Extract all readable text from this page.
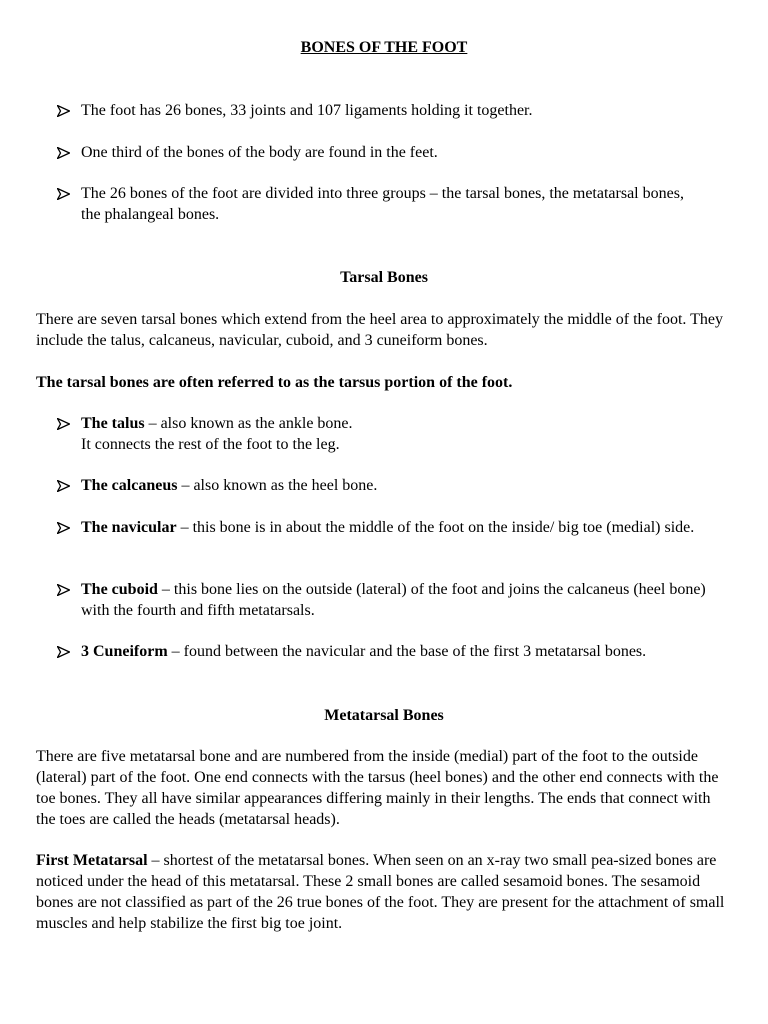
BONES OF THE FOOT
The foot has 26 bones, 33 joints and 107 ligaments holding it together.
One third of the bones of the body are found in the feet.
The 26 bones of the foot are divided into three groups – the tarsal bones, the metatarsal bones, the phalangeal bones.
Tarsal Bones
There are seven tarsal bones which extend from the heel area to approximately the middle of the foot. They include the talus, calcaneus, navicular, cuboid, and 3 cuneiform bones.
The tarsal bones are often referred to as the tarsus portion of the foot.
The talus – also known as the ankle bone.
It connects the rest of the foot to the leg.
The calcaneus – also known as the heel bone.
The navicular – this bone is in about the middle of the foot on the inside/ big toe (medial) side.
The cuboid – this bone lies on the outside (lateral) of the foot and joins the calcaneus (heel bone) with the fourth and fifth metatarsals.
3 Cuneiform – found between the navicular and the base of the first 3 metatarsal bones.
Metatarsal Bones
There are five metatarsal bone and are numbered from the inside (medial) part of the foot to the outside (lateral) part of the foot. One end connects with the tarsus (heel bones) and the other end connects with the toe bones. They all have similar appearances differing mainly in their lengths. The ends that connect with the toes are called the heads (metatarsal heads).
First Metatarsal – shortest of the metatarsal bones. When seen on an x-ray two small pea-sized bones are noticed under the head of this metatarsal. These 2 small bones are called sesamoid bones. The sesamoid bones are not classified as part of the 26 true bones of the foot. They are present for the attachment of small muscles and help stabilize the first big toe joint.
